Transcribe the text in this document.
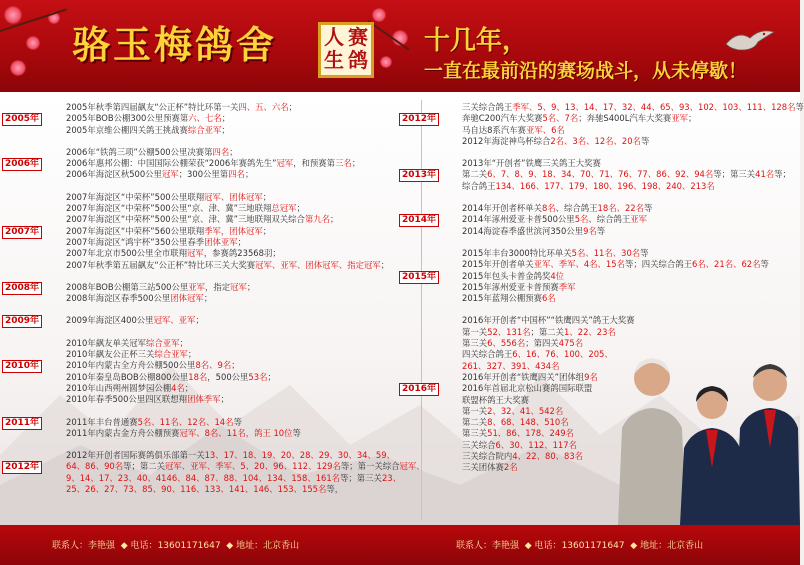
骆玉梅鸽舍	赛
鸽
人
生
十几年，
一直在最前沿的赛场战斗，从未停歇！
2005年
2005年秋季第四届飙友“公正杯”特比环第一关四、五、六名；
2005年BOB公棚300公里预赛第六、七名；
2005年京维公棚四关鸽王挑战赛综合亚军；
2006年
2006年“铁鸽三项”公棚500公里决赛第四名；
2006年惠邦公棚：中国国际公棚荣获“2006年赛鸽先生”冠军，和预赛第三名；
2006年海淀区秋500公里冠军；300公里第四名；
2007年
2007年海淀区“中荣杯”500公里联翔冠军、团体冠军；
2007年海淀区“中荣杯”500公里“京、津、冀”三地联翔总冠军；
2007年海淀区“中荣杯”500公里“京、津、冀”三地联翔双关综合第九名；
2007年海淀区“中荣杯”560公里联翔季军，团体冠军；
2007年海淀区“鸿宇杯”350公里春季团体亚军；
2007年北京市500公里全市联翔冠军，参赛鸽23568羽；
2007年秋季第五届飙友“公正杯”特比环三关大奖赛冠军、亚军、团体冠军、指定冠军；
2008年	2008年BOB公棚第三站500公里亚军，指定冠军；
2008年海淀区春季500公里团体冠军；
2009年	2009年海淀区400公里冠军、亚军；
2010年
2010年飙友单关冠军综合亚军；
2010年飙友公正杯三关综合亚军；
2010年内蒙古全方舟公棚500公里8名、9名；
2010年秦皇岛BOB公棚800公里18名，500公里53名；
2010年山西朔州圆梦园公棚4名；
2010年春季500公里四区联想翔团体季军；
2011年	2011年丰台普通赛5名、11名、12名、14名等
2011年内蒙古金方舟公棚预赛冠军、8名、11名，鸽王 10位等
2012年
2012年开创者国际赛鸽俱乐部第一关13、17、18、19、20、28、29、30、34、59、
64、86、90名等；第二关冠军、亚军、季军、5、20、96、112、129名等；第一关综合冠军、
9、14、17、23、40、4146、84、87、88、104、134、158、161名等；第三关23、
25、26、27、73、85、90、116、133、141、146、153、155名等，
2012年
三关综合鸽王季军、5、9、13、14、17、32、44、65、93、102、103、111、128名等
奔驰C200汽车大奖赛5名、7名；奔驰S400L汽车大奖赛亚军；
马自达8系汽车赛亚军、6名
2012年海淀神鸟杯综合2名、3名、12名、20名等
2013年
2013年“开创者”铁鹰三关鸽王大奖赛
第二关6、7、8、9、18、34、70、71、76、77、86、92、94名等；第三关41名等；
综合鸽王134、166、177、179、180、196、198、240、213名
2014年
2014年开创者杯单关8名、综合鸽王18名、22名等
2014年涿州爱亚卡普500公里5名、综合鸽王亚军
2014海淀春季盛世滨河350公里9名等
2015年
2015年丰台3000特比环单关5名、11名、30名等
2015年开创者单关亚军、季军、4名、15名等；四关综合鸽王6名、21名、62名等
2015年包头卡普金鸽奖4位
2015年涿州爱亚卡普预赛季军
2015年蓝翔公棚预赛6名
2016年
2016年开创者“中国杯”“铁鹰四关”鸽王大奖赛
第一关52、131名；第二关1、22、23名
第三关6、556名；第四关475名
四关综合鸽王6、16、76、100、205、
261、327、391、434名
2016年开创者“铁鹰四关”团体组9名
2016年首届北京松山赛鸽国际联盟
联盟杯鸽王大奖赛
第一关2、32、41、542名
第二关8、68、148、510名
第三关51、86、178、249名
三关综合6、30、112、117名
三关综合院内4、22、80、83名
三关团体赛2名
联系人：李艳强  ◆ 电话：13601171647  ◆ 地址：北京香山	联系人：李艳强  ◆ 电话：13601171647  ◆ 地址：北京香山
